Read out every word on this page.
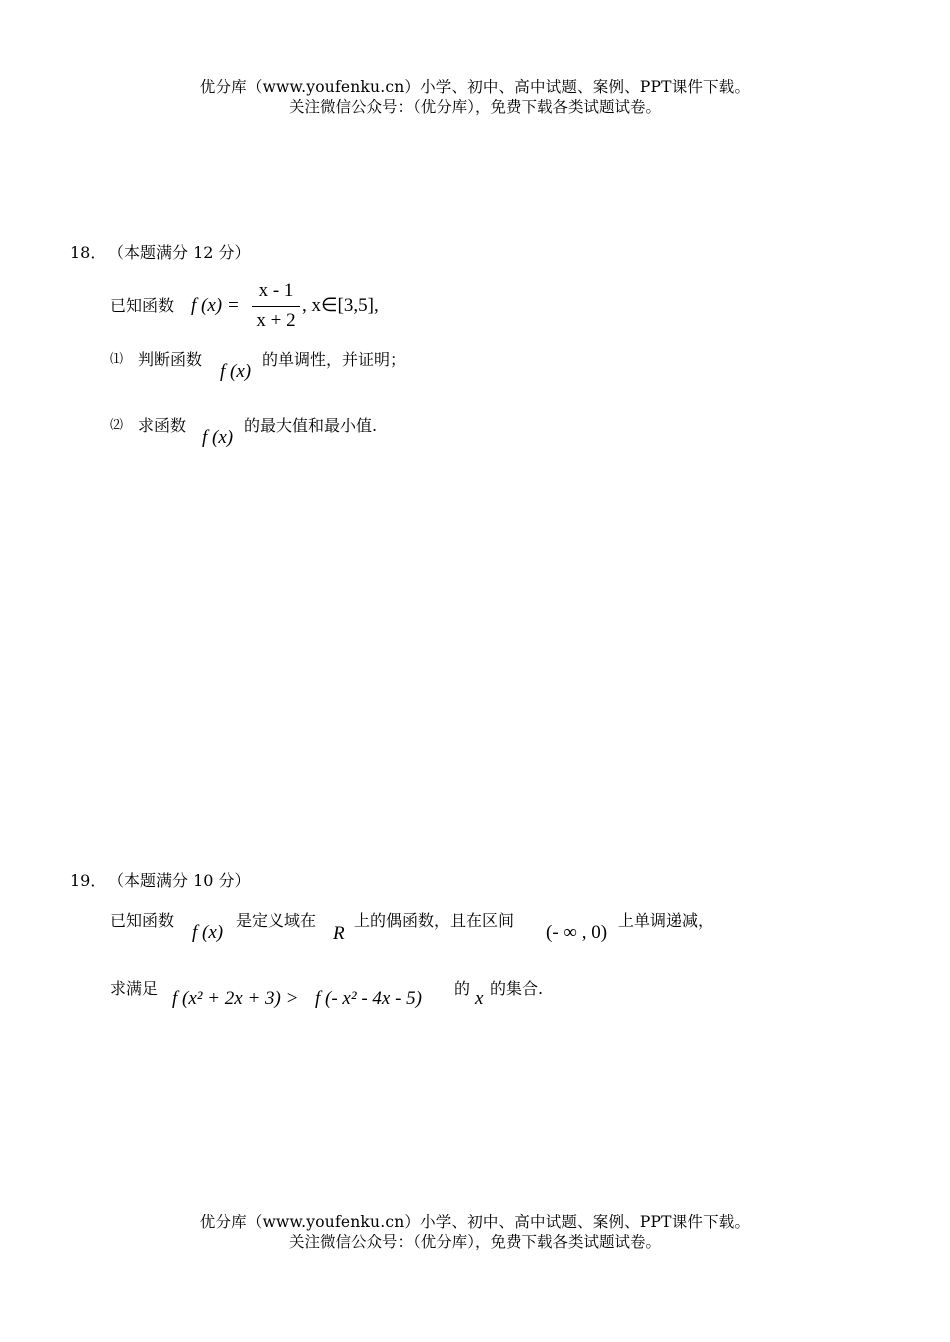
优分库（www.youfenku.cn）小学、初中、高中试题、案例、PPT课件下载。
关注微信公众号：（优分库），免费下载各类试题试卷。
18． （本题满分 12 分）
已知函数 f (x) =
x - 1
x + 2
, x∈[3,5],
⑴ 判断函数
f (x)
的单调性，并证明；
⑵ 求函数
f (x)
的最大值和最小值.
19． （本题满分 10 分）
已知函数
f (x)
是定义域在
R
上的偶函数，且在区间
(- ∞ , 0)
上单调递减，
求满足 f (x² + 2x + 3) > f (- x² - 4x - 5) 的 x 的集合.
优分库（www.youfenku.cn）小学、初中、高中试题、案例、PPT课件下载。
关注微信公众号：（优分库），免费下载各类试题试卷。
